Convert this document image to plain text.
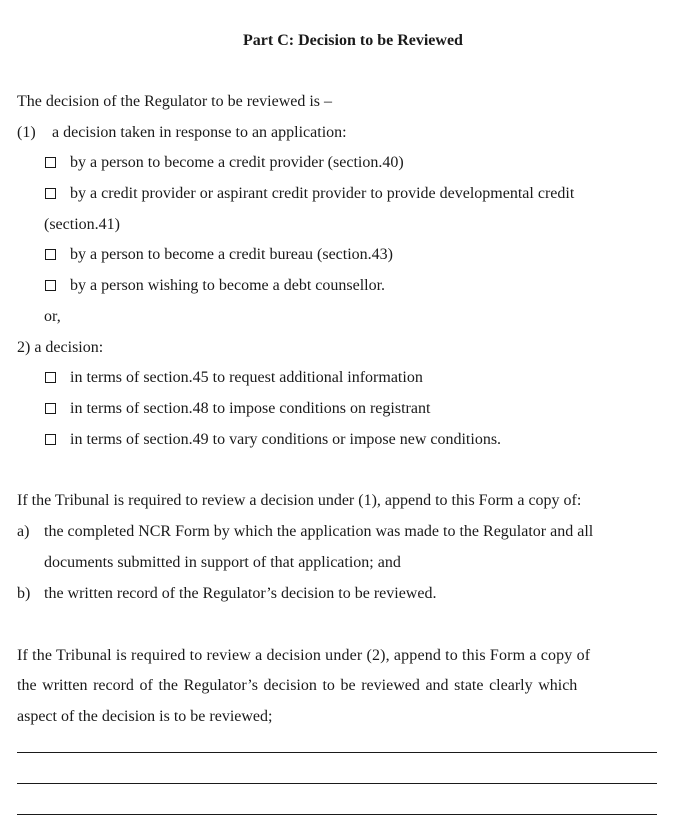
Part C: Decision to be Reviewed
The decision of the Regulator to be reviewed is –
(1) a decision taken in response to an application:
by a person to become a credit provider (section.40)
by a credit provider or aspirant credit provider to provide developmental credit
(section.41)
by a person to become a credit bureau (section.43)
by a person wishing to become a debt counsellor.
or,
2) a decision:
in terms of section.45 to request additional information
in terms of section.48 to impose conditions on registrant
in terms of section.49 to vary conditions or impose new conditions.
If the Tribunal is required to review a decision under (1), append to this Form a copy of:
a) the completed NCR Form by which the application was made to the Regulator and all
documents submitted in support of that application; and
b) the written record of the Regulator’s decision to be reviewed.
If the Tribunal is required to review a decision under (2), append to this Form a copy of
the written record of the Regulator’s decision to be reviewed and state clearly which
aspect of the decision is to be reviewed;
